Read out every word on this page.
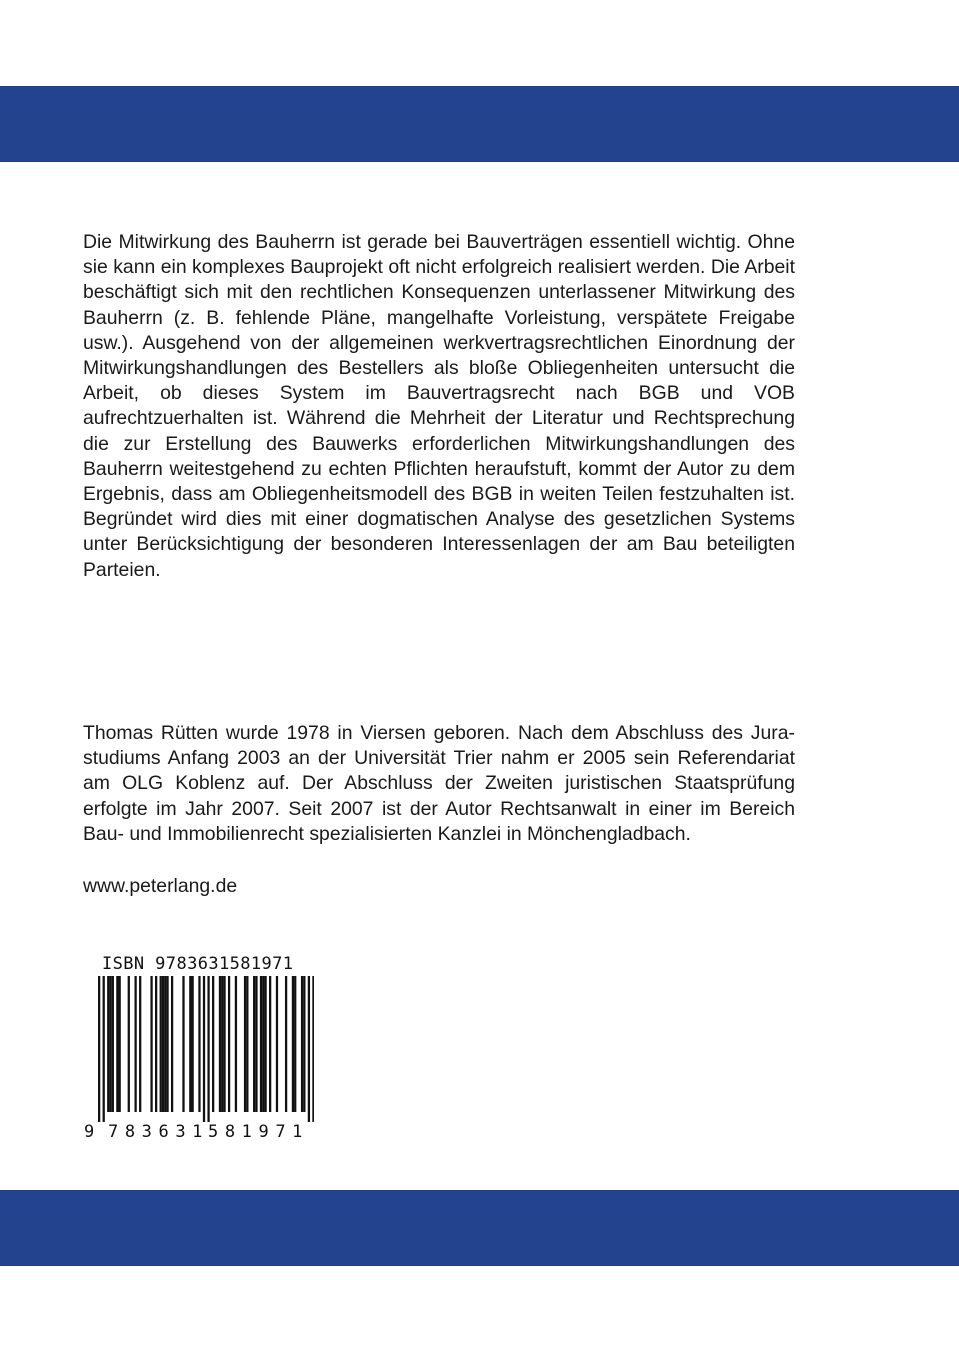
Die Mitwirkung des Bauherrn ist gerade bei Bauverträgen essentiell wichtig. Ohne sie kann ein komplexes Bauprojekt oft nicht erfolgreich realisiert werden. Die Arbeit beschäftigt sich mit den rechtlichen Konsequenzen unterlassener Mitwirkung des Bauherrn (z. B. fehlende Pläne, mangelhafte Vorleistung, verspätete Freigabe usw.). Ausgehend von der allgemeinen werkvertragsrechtlichen Einordnung der Mitwirkungshandlungen des Bestellers als bloße Obliegenheiten untersucht die Arbeit, ob dieses System im Bauvertragsrecht nach BGB und VOB aufrechtzuerhalten ist. Während die Mehrheit der Literatur und Rechtsprechung die zur Erstellung des Bauwerks erforderlichen Mitwirkungshandlungen des Bauherrn weitestgehend zu echten Pflichten heraufstuft, kommt der Autor zu dem Ergebnis, dass am Obliegenheitsmodell des BGB in weiten Teilen festzuhalten ist. Begründet wird dies mit einer dogmatischen Analyse des gesetzlichen Systems unter Berücksichtigung der besonderen Interessenlagen der am Bau beteiligten Parteien.
Thomas Rütten wurde 1978 in Viersen geboren. Nach dem Abschluss des Jurastudiums Anfang 2003 an der Universität Trier nahm er 2005 sein Referendariat am OLG Koblenz auf. Der Abschluss der Zweiten juristischen Staatsprüfung erfolgte im Jahr 2007. Seit 2007 ist der Autor Rechtsanwalt in einer im Bereich Bau- und Immobilienrecht spezialisierten Kanzlei in Mönchengladbach.
www.peterlang.de
ISBN 9783631581971
9 783631
581971
